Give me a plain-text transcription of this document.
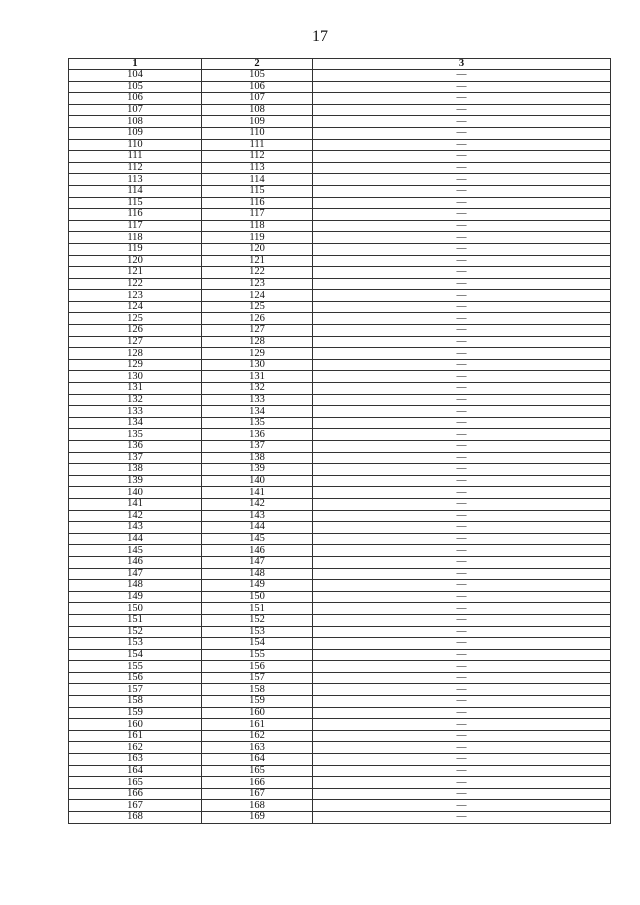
17
1	2	3
104	105	—
105	106	—
106	107	—
107	108	—
108	109	—
109	110	—
110	111	—
111	112	—
112	113	—
113	114	—
114	115	—
115	116	—
116	117	—
117	118	—
118	119	—
119	120	—
120	121	—
121	122	—
122	123	—
123	124	—
124	125	—
125	126	—
126	127	—
127	128	—
128	129	—
129	130	—
130	131	—
131	132	—
132	133	—
133	134	—
134	135	—
135	136	—
136	137	—
137	138	—
138	139	—
139	140	—
140	141	—
141	142	—
142	143	—
143	144	—
144	145	—
145	146	—
146	147	—
147	148	—
148	149	—
149	150	—
150	151	—
151	152	—
152	153	—
153	154	—
154	155	—
155	156	—
156	157	—
157	158	—
158	159	—
159	160	—
160	161	—
161	162	—
162	163	—
163	164	—
164	165	—
165	166	—
166	167	—
167	168	—
168	169	—
